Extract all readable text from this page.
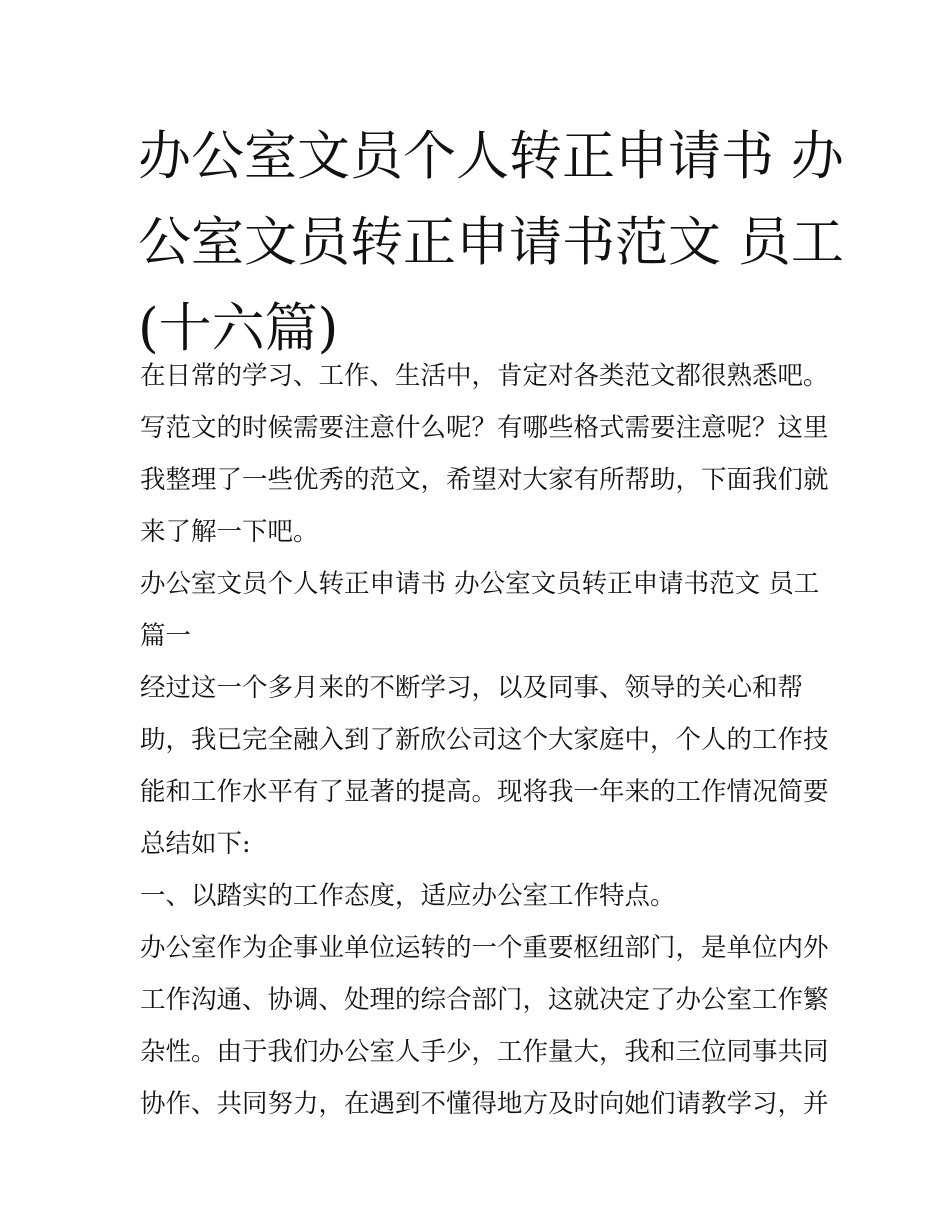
办公室文员个人转正申请书 办
公室文员转正申请书范文 员工
(十六篇)
在日常的学习、工作、生活中，肯定对各类范文都很熟悉吧。
写范文的时候需要注意什么呢？有哪些格式需要注意呢？这里
我整理了一些优秀的范文，希望对大家有所帮助，下面我们就
来了解一下吧。
办公室文员个人转正申请书 办公室文员转正申请书范文 员工
篇一
经过这一个多月来的不断学习，以及同事、领导的关心和帮
助，我已完全融入到了新欣公司这个大家庭中，个人的工作技
能和工作水平有了显著的提高。现将我一年来的工作情况简要
总结如下:
一、以踏实的工作态度，适应办公室工作特点。
办公室作为企事业单位运转的一个重要枢纽部门，是单位内外
工作沟通、协调、处理的综合部门，这就决定了办公室工作繁
杂性。由于我们办公室人手少，工作量大，我和三位同事共同
协作、共同努力，在遇到不懂得地方及时向她们请教学习，并
